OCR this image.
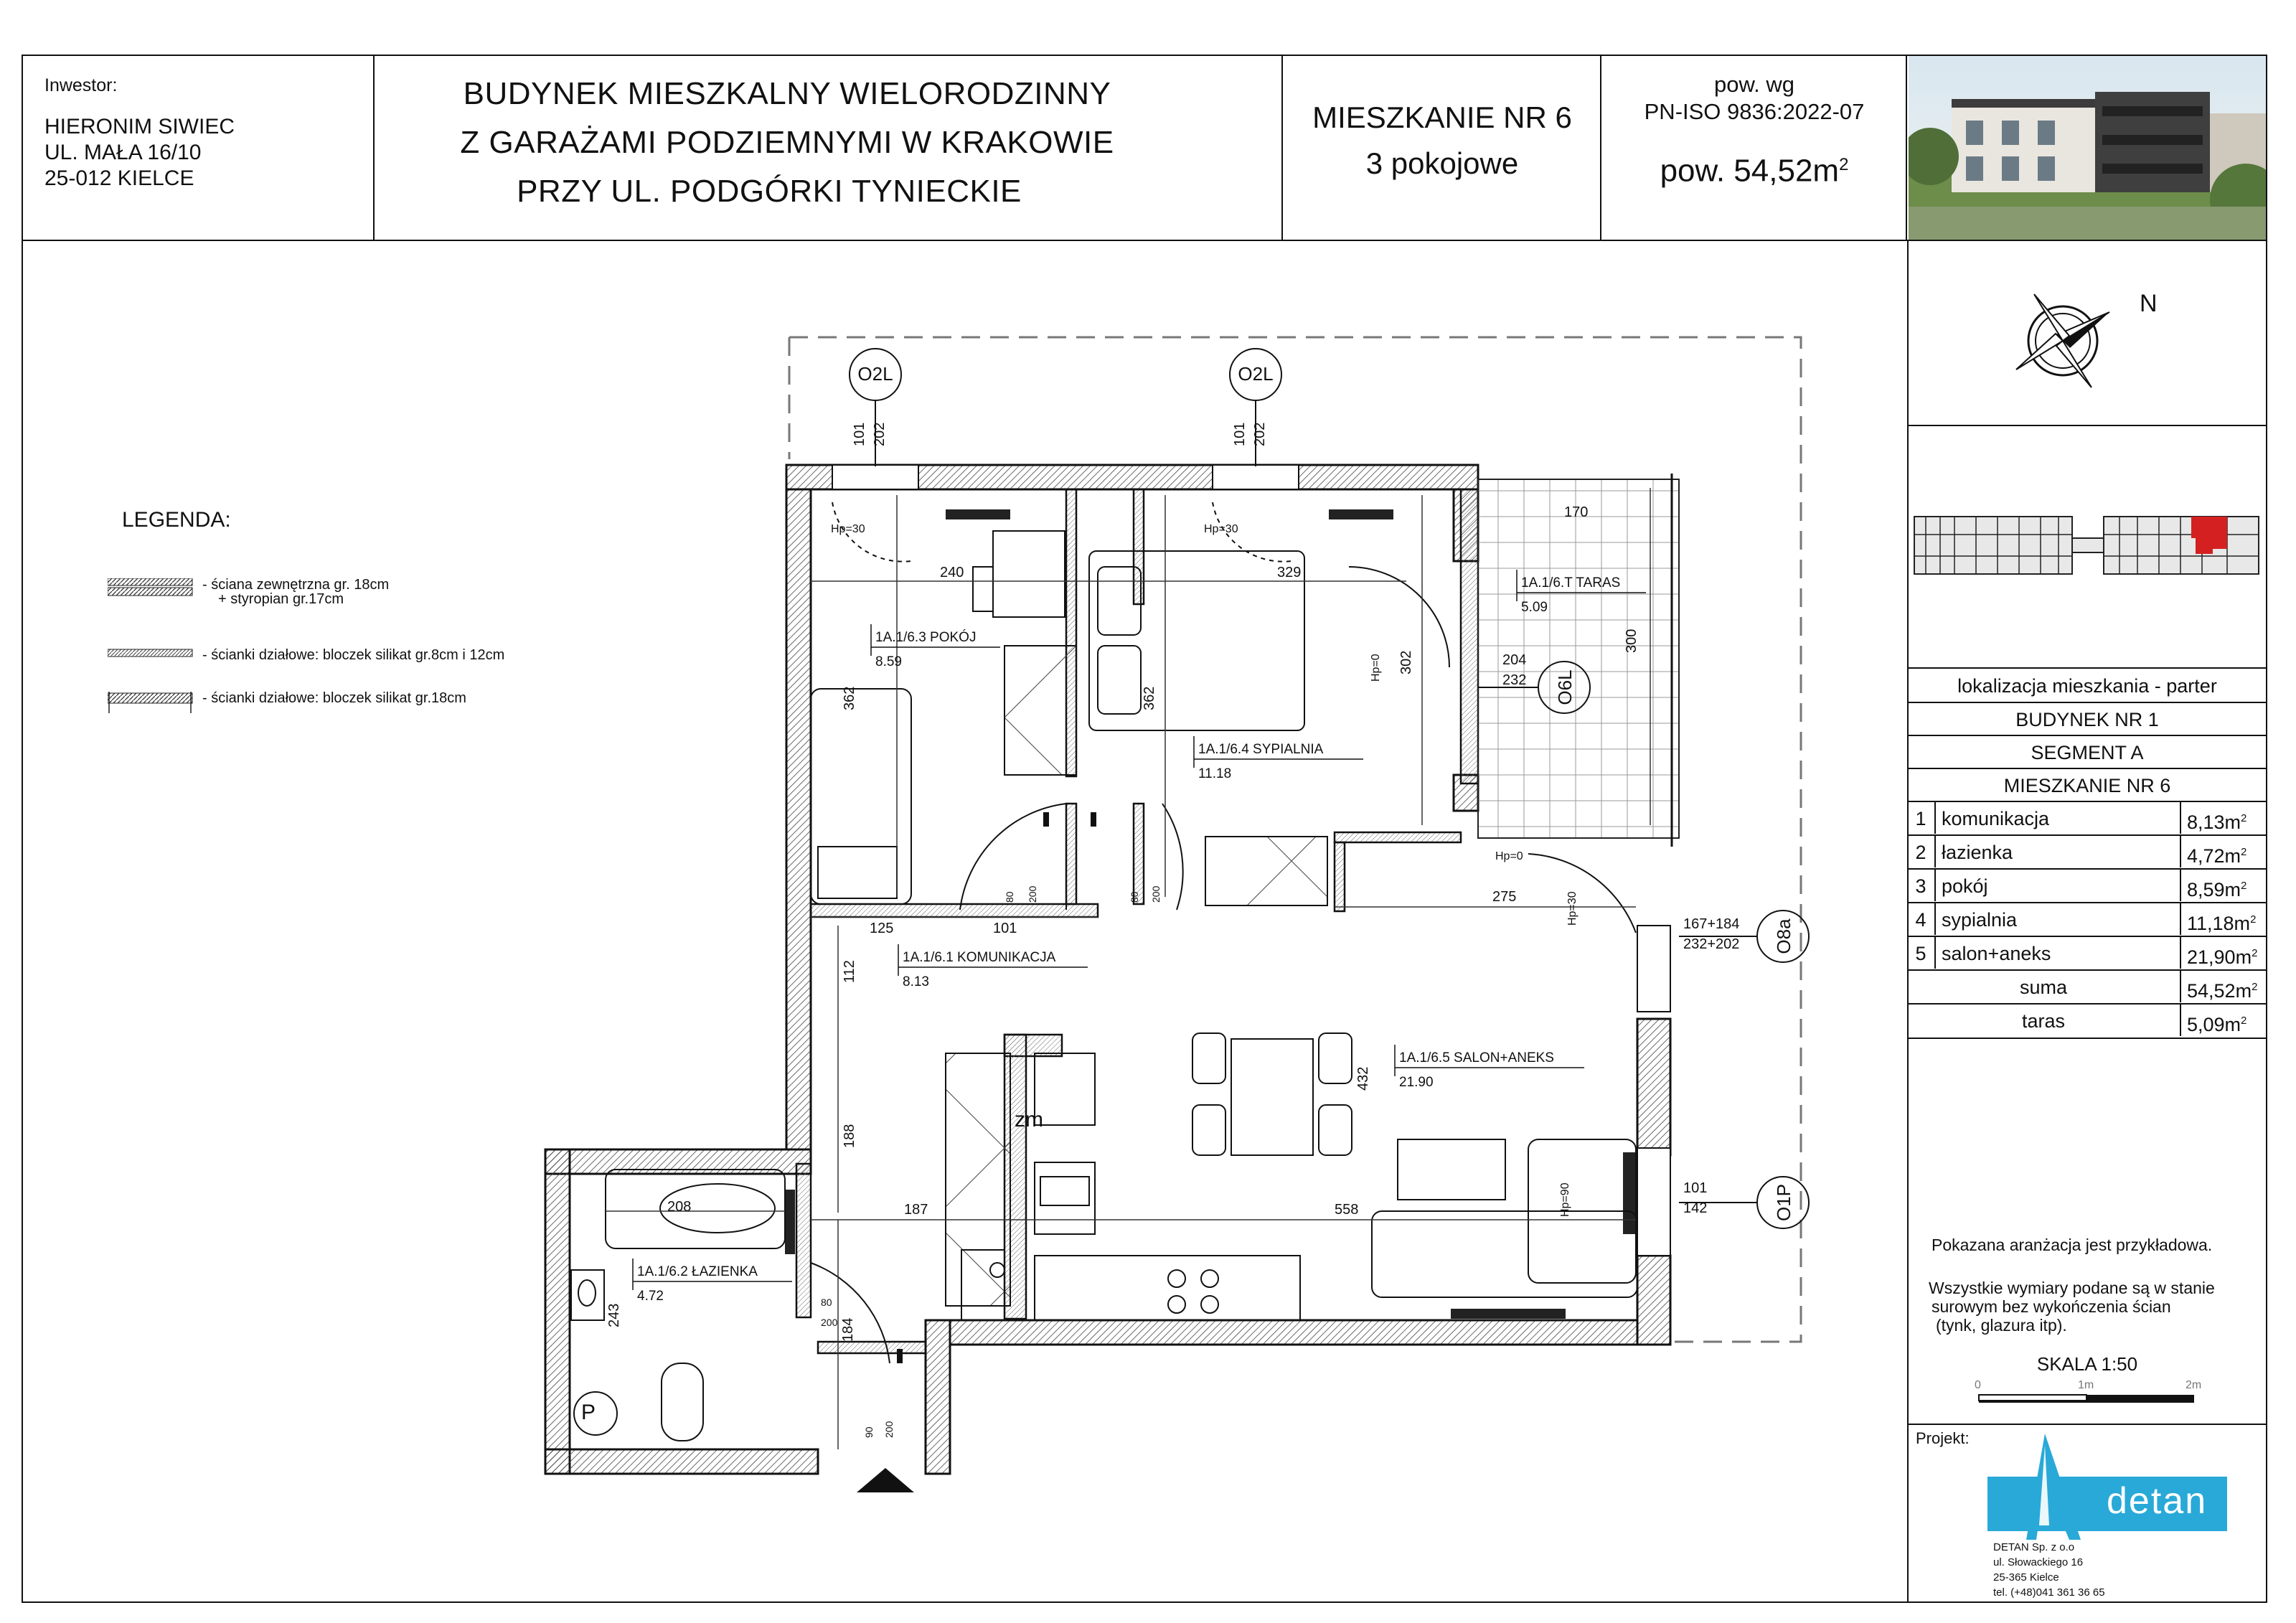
Inwestor:
HIERONIM SIWIEC
UL. MAŁA 16/10
25-012 KIELCE
BUDYNEK MIESZKALNY WIELORODZINNY
Z GARAŻAMI PODZIEMNYMI W KRAKOWIE
PRZY UL. PODGÓRKI TYNIECKIE
MIESZKANIE NR 6
3 pokojowe
pow. wg
PN-ISO 9836:2022-07
pow. $54,52m^2$
N
lokalizacja mieszkania - parter
BUDYNEK NR 1
SEGMENT A
MIESZKANIE NR 6
1 komunikacja	$8,13m^2$
2 łazienka	$4,72m^2$
3 pokój	$8,59m^2$
4 sypialnia	$11,18m^2$
5 salon+aneks	$21,90m^2$
suma	$54,52m^2$
taras	$5,09m^2$
Pokazana aranżacja jest przykładowa.
Wszystkie wymiary podane są w stanie
surowym bez wykończenia ścian
(tynk, glazura itp).
SKALA 1:50
0	1m	2m
Projekt:
detan
DETAN Sp. z o.o
ul. Słowackiego 16
25-365 Kielce
tel. (+48)041 361 36 65
LEGENDA:
- ściana zewnętrzna gr. 18cm
+ styropian gr.17cm
- ścianki działowe: bloczek silikat gr.8cm i 12cm
- ścianki działowe: bloczek silikat gr.18cm
1A.1/6.3 POKÓJ
8.59
1A.1/6.4 SYPIALNIA
11.18
1A.1/6.T TARAS
5.09
1A.1/6.1 KOMUNIKACJA
8.13
1A.1/6.5 SALON+ANEKS
21.90
1A.1/6.2 ŁAZIENKA
4.72
O2L	O2L
O6L
O8a
O1P
240	329
170
300
362	362
302	204
232
125	101
275
112
188
187	558
432
208
243
184
101 202	101 202
167+184
232+202
101
142
80 200	80 200
80
200
90 200
Hp=30	Hp=30
Hp=0
Hp=0
Hp=30
Hp=90
zm
P
